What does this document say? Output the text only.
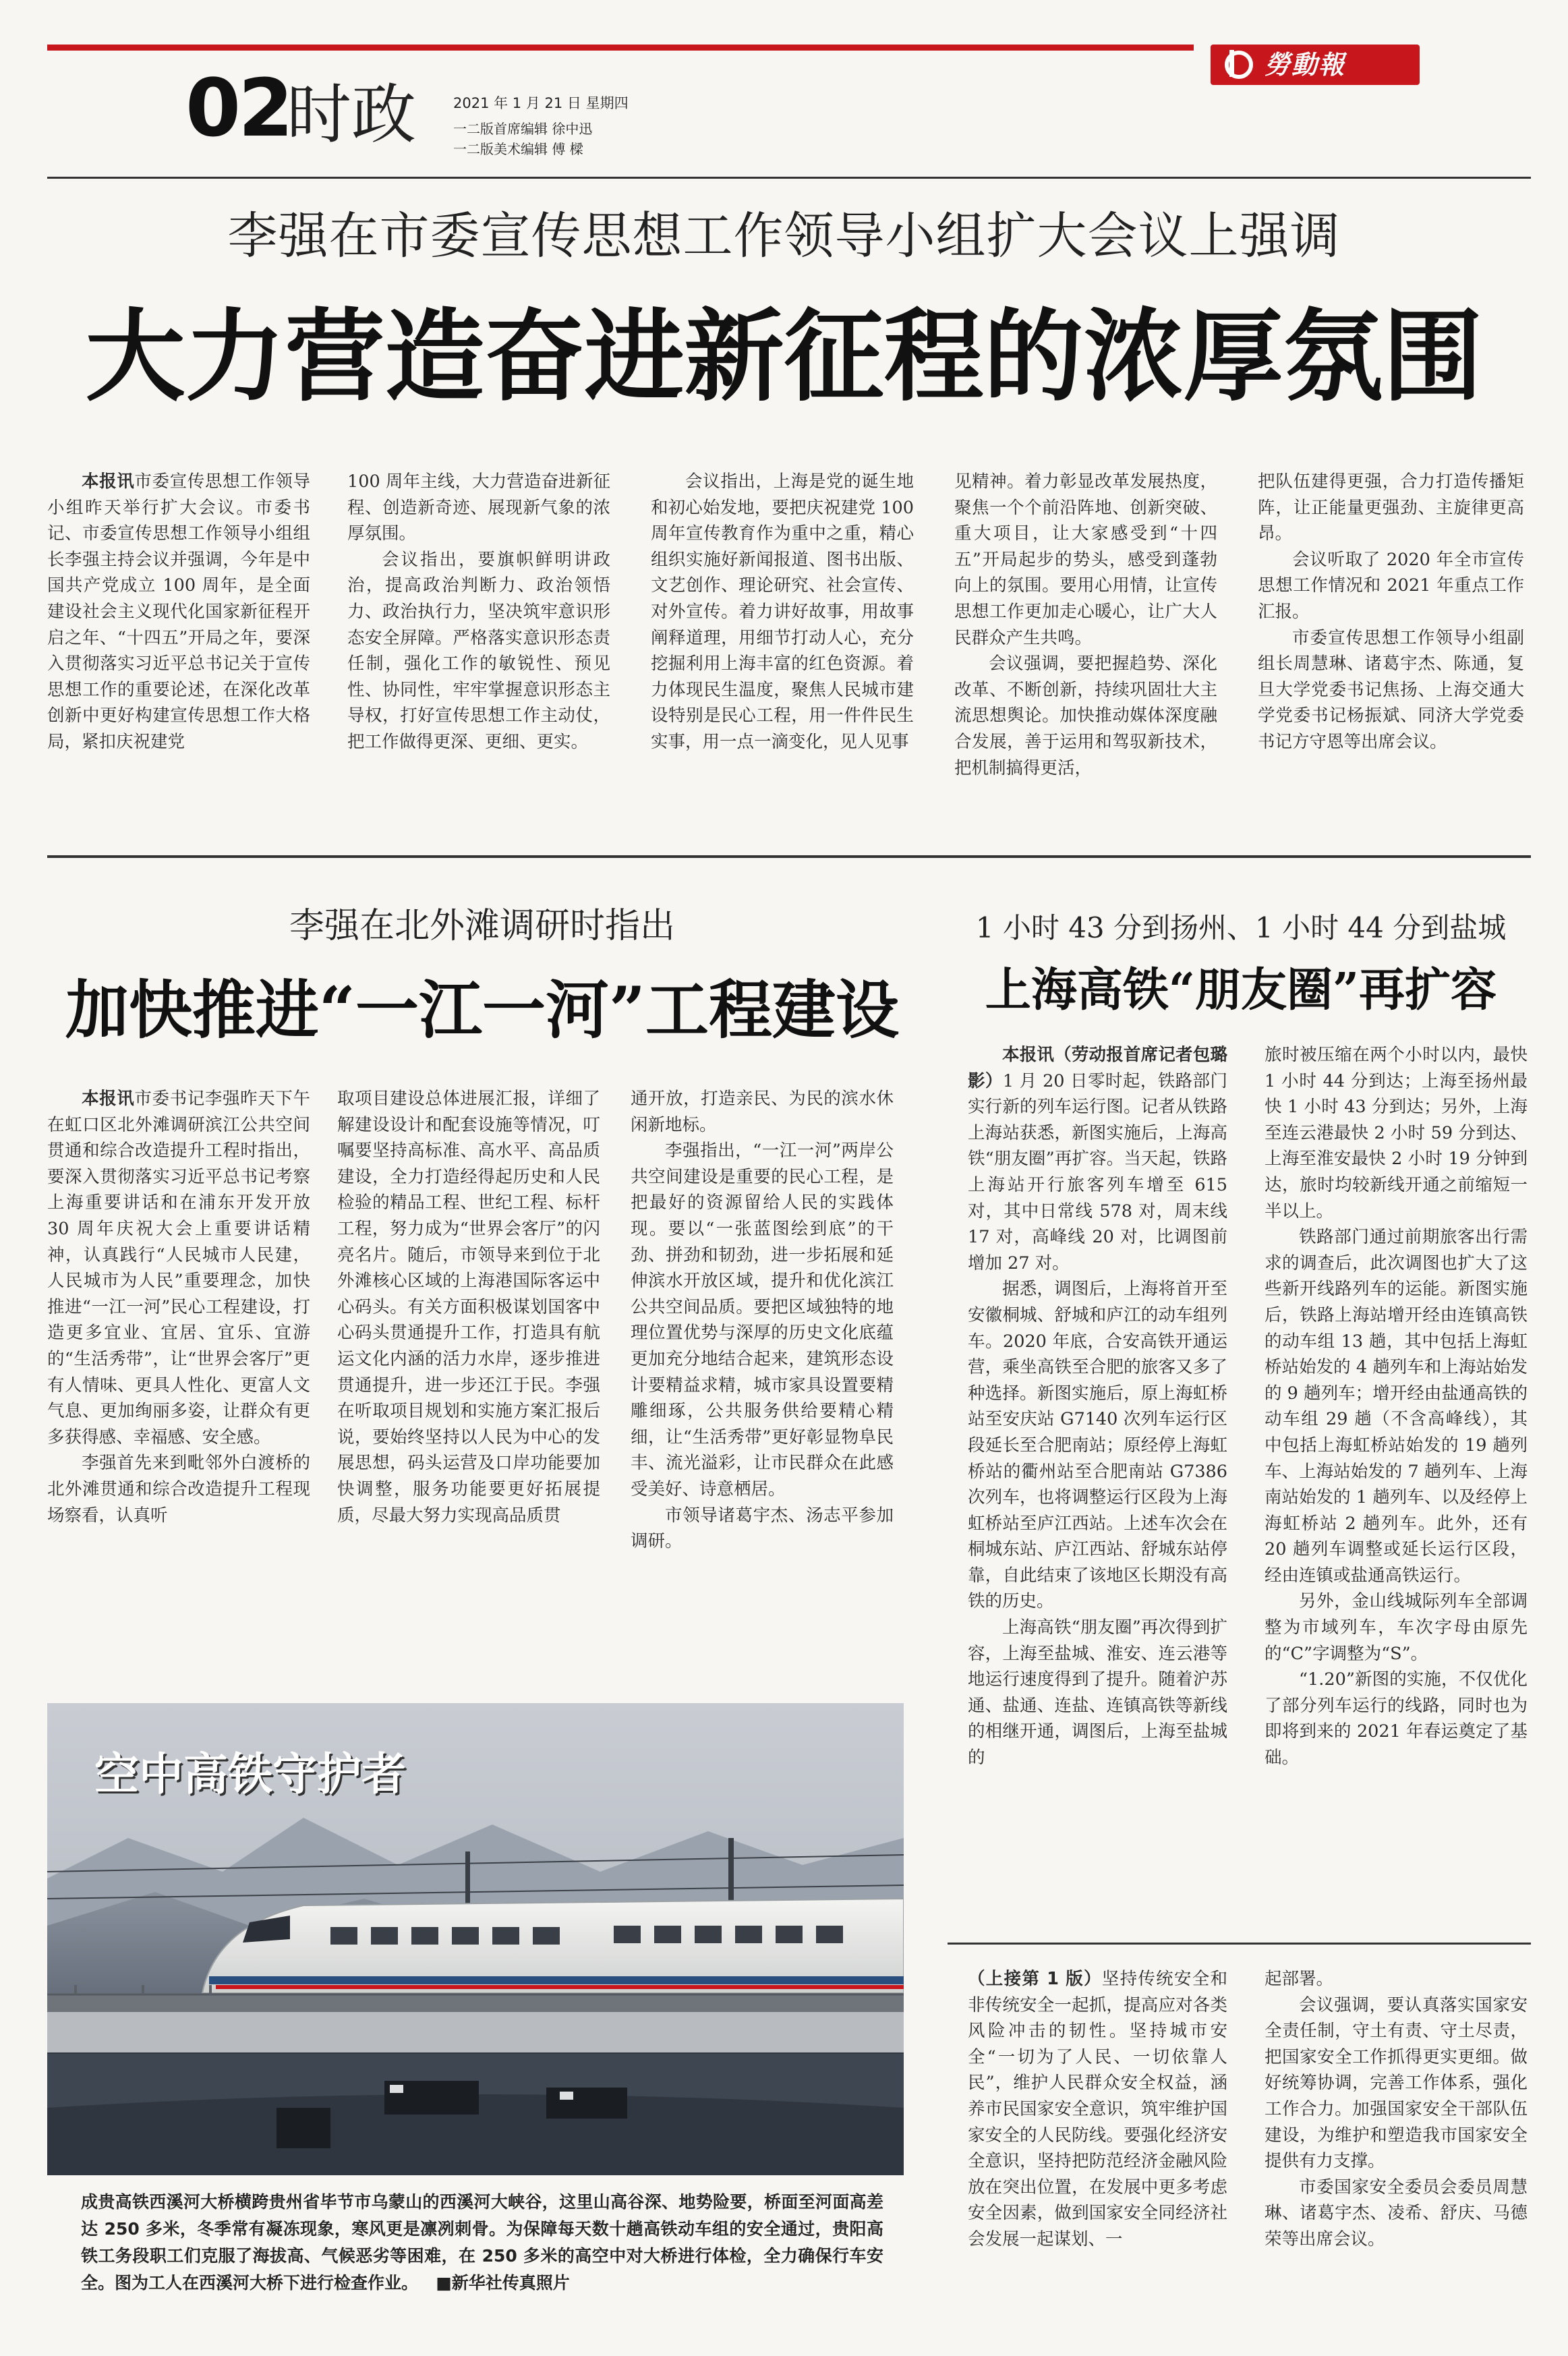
02
时政	2021 年 1 月 21 日 星期四
一二版首席编辑 徐中迅
一二版美术编辑 傅 樑
勞動報
李强在市委宣传思想工作领导小组扩大会议上强调
大力营造奋进新征程的浓厚氛围

本报讯市委宣传思想工作领导小组昨天举行扩大会议。市委书记、市委宣传思想工作领导小组组长李强主持会议并强调，今年是中国共产党成立 100 周年，是全面建设社会主义现代化国家新征程开启之年、“十四五”开局之年，要深入贯彻落实习近平总书记关于宣传思想工作的重要论述，在深化改革创新中更好构建宣传思想工作大格局，紧扣庆祝建党

100 周年主线，大力营造奋进新征程、创造新奇迹、展现新气象的浓厚氛围。

会议指出，要旗帜鲜明讲政治，提高政治判断力、政治领悟力、政治执行力，坚决筑牢意识形态安全屏障。严格落实意识形态责任制，强化工作的敏锐性、预见性、协同性，牢牢掌握意识形态主导权，打好宣传思想工作主动仗，把工作做得更深、更细、更实。

会议指出，上海是党的诞生地和初心始发地，要把庆祝建党 100 周年宣传教育作为重中之重，精心组织实施好新闻报道、图书出版、文艺创作、理论研究、社会宣传、对外宣传。着力讲好故事，用故事阐释道理，用细节打动人心，充分挖掘利用上海丰富的红色资源。着力体现民生温度，聚焦人民城市建设特别是民心工程，用一件件民生实事，用一点一滴变化，见人见事

见精神。着力彰显改革发展热度，聚焦一个个前沿阵地、创新突破、重大项目，让大家感受到“十四五”开局起步的势头，感受到蓬勃向上的氛围。要用心用情，让宣传思想工作更加走心暖心，让广大人民群众产生共鸣。

会议强调，要把握趋势、深化改革、不断创新，持续巩固壮大主流思想舆论。加快推动媒体深度融合发展，善于运用和驾驭新技术，把机制搞得更活，

把队伍建得更强，合力打造传播矩阵，让正能量更强劲、主旋律更高昂。

会议听取了 2020 年全市宣传思想工作情况和 2021 年重点工作汇报。

市委宣传思想工作领导小组副组长周慧琳、诸葛宇杰、陈通，复旦大学党委书记焦扬、上海交通大学党委书记杨振斌、同济大学党委书记方守恩等出席会议。

李强在北外滩调研时指出
加快推进“一江一河”工程建设

本报讯市委书记李强昨天下午在虹口区北外滩调研滨江公共空间贯通和综合改造提升工程时指出，要深入贯彻落实习近平总书记考察上海重要讲话和在浦东开发开放 30 周年庆祝大会上重要讲话精神，认真践行“人民城市人民建，人民城市为人民”重要理念，加快推进“一江一河”民心工程建设，打造更多宜业、宜居、宜乐、宜游的“生活秀带”，让“世界会客厅”更有人情味、更具人性化、更富人文气息、更加绚丽多姿，让群众有更多获得感、幸福感、安全感。

李强首先来到毗邻外白渡桥的北外滩贯通和综合改造提升工程现场察看，认真听

取项目建设总体进展汇报，详细了解建设设计和配套设施等情况，叮嘱要坚持高标准、高水平、高品质建设，全力打造经得起历史和人民检验的精品工程、世纪工程、标杆工程，努力成为“世界会客厅”的闪亮名片。随后，市领导来到位于北外滩核心区域的上海港国际客运中心码头。有关方面积极谋划国客中心码头贯通提升工作，打造具有航运文化内涵的活力水岸，逐步推进贯通提升，进一步还江于民。李强在听取项目规划和实施方案汇报后说，要始终坚持以人民为中心的发展思想，码头运营及口岸功能要加快调整，服务功能要更好拓展提质，尽最大努力实现高品质贯

通开放，打造亲民、为民的滨水休闲新地标。

李强指出，“一江一河”两岸公共空间建设是重要的民心工程，是把最好的资源留给人民的实践体现。要以“一张蓝图绘到底”的干劲、拼劲和韧劲，进一步拓展和延伸滨水开放区域，提升和优化滨江公共空间品质。要把区域独特的地理位置优势与深厚的历史文化底蕴更加充分地结合起来，建筑形态设计要精益求精，城市家具设置要精雕细琢，公共服务供给要精心精细，让“生活秀带”更好彰显物阜民丰、流光溢彩，让市民群众在此感受美好、诗意栖居。

市领导诸葛宇杰、汤志平参加调研。

空中高铁守护者
成贵高铁西溪河大桥横跨贵州省毕节市乌蒙山的西溪河大峡谷，这里山高谷深、地势险要，桥面至河面高差达 250 多米，冬季常有凝冻现象，寒风更是凛冽刺骨。为保障每天数十趟高铁动车组的安全通过，贵阳高铁工务段职工们克服了海拔高、气候恶劣等困难，在 250 多米的高空中对大桥进行体检，全力确保行车安全。图为工人在西溪河大桥下进行检查作业。 ■新华社传真照片
1 小时 43 分到扬州、1 小时 44 分到盐城
上海高铁“朋友圈”再扩容

本报讯（劳动报首席记者包璐影）1 月 20 日零时起，铁路部门实行新的列车运行图。记者从铁路上海站获悉，新图实施后，上海高铁“朋友圈”再扩容。当天起，铁路上海站开行旅客列车增至 615 对，其中日常线 578 对，周末线 17 对，高峰线 20 对，比调图前增加 27 对。

据悉，调图后，上海将首开至安徽桐城、舒城和庐江的动车组列车。2020 年底，合安高铁开通运营，乘坐高铁至合肥的旅客又多了种选择。新图实施后，原上海虹桥站至安庆站 G7140 次列车运行区段延长至合肥南站；原经停上海虹桥站的衢州站至合肥南站 G7386 次列车，也将调整运行区段为上海虹桥站至庐江西站。上述车次会在桐城东站、庐江西站、舒城东站停靠，自此结束了该地区长期没有高铁的历史。

上海高铁“朋友圈”再次得到扩容，上海至盐城、淮安、连云港等地运行速度得到了提升。随着沪苏通、盐通、连盐、连镇高铁等新线的相继开通，调图后，上海至盐城的

旅时被压缩在两个小时以内，最快 1 小时 44 分到达；上海至扬州最快 1 小时 43 分到达；另外，上海至连云港最快 2 小时 59 分到达、上海至淮安最快 2 小时 19 分钟到达，旅时均较新线开通之前缩短一半以上。

铁路部门通过前期旅客出行需求的调查后，此次调图也扩大了这些新开线路列车的运能。新图实施后，铁路上海站增开经由连镇高铁的动车组 13 趟，其中包括上海虹桥站始发的 4 趟列车和上海站始发的 9 趟列车；增开经由盐通高铁的动车组 29 趟（不含高峰线），其中包括上海虹桥站始发的 19 趟列车、上海站始发的 7 趟列车、上海南站始发的 1 趟列车、以及经停上海虹桥站 2 趟列车。此外，还有 20 趟列车调整或延长运行区段，经由连镇或盐通高铁运行。

另外，金山线城际列车全部调整为市域列车，车次字母由原先的“C”字调整为“S”。

“1.20”新图的实施，不仅优化了部分列车运行的线路，同时也为即将到来的 2021 年春运奠定了基础。

（上接第 1 版）坚持传统安全和非传统安全一起抓，提高应对各类风险冲击的韧性。坚持城市安全“一切为了人民、一切依靠人民”，维护人民群众安全权益，涵养市民国家安全意识，筑牢维护国家安全的人民防线。要强化经济安全意识，坚持把防范经济金融风险放在突出位置，在发展中更多考虑安全因素，做到国家安全同经济社会发展一起谋划、一

起部署。

会议强调，要认真落实国家安全责任制，守土有责、守土尽责，把国家安全工作抓得更实更细。做好统筹协调，完善工作体系，强化工作合力。加强国家安全干部队伍建设，为维护和塑造我市国家安全提供有力支撑。

市委国家安全委员会委员周慧琳、诸葛宇杰、凌希、舒庆、马德荣等出席会议。
